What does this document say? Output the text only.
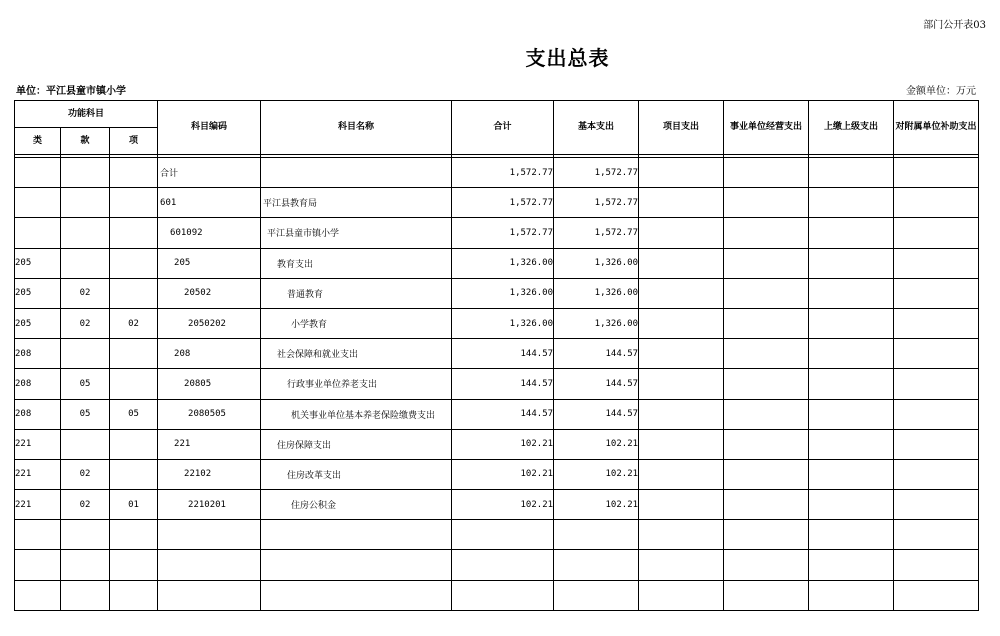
部门公开表03
支出总表
单位：平江县童市镇小学	金额单位：万元
功能科目			科目编码	科目名称	合计	基本支出	项目支出	事业单位经营支出	上缴上级支出	对附属单位补助支出
类	款	项								

			合计		1,572.77	1,572.77				
			601	平江县教育局	1,572.77	1,572.77				
			601092	平江县童市镇小学	1,572.77	1,572.77				
205			205	教育支出	1,326.00	1,326.00				
205	02		20502	普通教育	1,326.00	1,326.00				
205	02	02	2050202	小学教育	1,326.00	1,326.00				
208			208	社会保障和就业支出	144.57	144.57				
208	05		20805	行政事业单位养老支出	144.57	144.57				
208	05	05	2080505	机关事业单位基本养老保险缴费支出	144.57	144.57				
221			221	住房保障支出	102.21	102.21				
221	02		22102	住房改革支出	102.21	102.21				
221	02	01	2210201	住房公积金	102.21	102.21				
